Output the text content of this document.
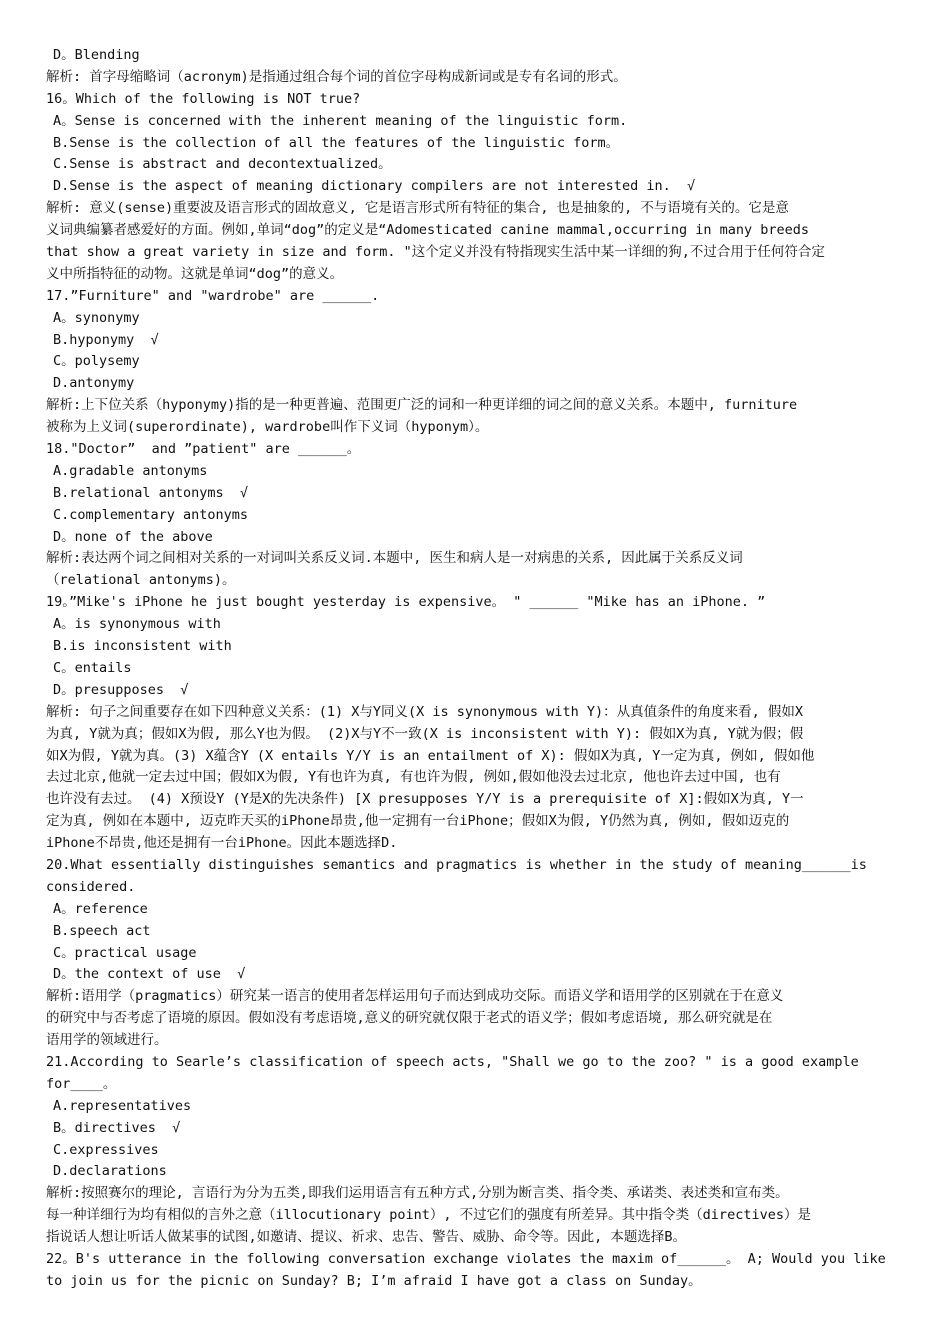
D。Blending
解析: 首字母缩略词（acronym)是指通过组合每个词的首位字母构成新词或是专有名词的形式。
16。Which of the following is NOT true?
A。Sense is concerned with the inherent meaning of the linguistic form.
B.Sense is the collection of all the features of the linguistic form。
C.Sense is abstract and decontextualized。
D.Sense is the aspect of meaning dictionary compilers are not interested in.  √
解析: 意义(sense)重要波及语言形式的固故意义, 它是语言形式所有特征的集合, 也是抽象的, 不与语境有关的。它是意
义词典编纂者感爱好的方面。例如,单词“dog”的定义是“Adomesticated canine mammal,occurring in many breeds
that show a great variety in size and form. "这个定义并没有特指现实生活中某一详细的狗,不过合用于任何符合定
义中所指特征的动物。这就是单词“dog”的意义。
17.”Furniture" and "wardrobe" are ______.
A。synonymy
B.hyponymy  √
C。polysemy
D.antonymy
解析:上下位关系（hyponymy)指的是一种更普遍、范围更广泛的词和一种更详细的词之间的意义关系。本题中, furniture
被称为上义词(superordinate), wardrobe叫作下义词（hyponym）。
18."Doctor”  and ”patient" are ______。
A.gradable antonyms
B.relational antonyms  √
C.complementary antonyms
D。none of the above
解析:表达两个词之间相对关系的一对词叫关系反义词.本题中, 医生和病人是一对病患的关系, 因此属于关系反义词
（relational antonyms)。
19。”Mike's iPhone he just bought yesterday is expensive。 " ______ "Mike has an iPhone. ”
A。is synonymous with
B.is inconsistent with
C。entails
D。presupposes  √
解析: 句子之间重要存在如下四种意义关系：(1) X与Y同义(X is synonymous with Y)：从真值条件的角度来看, 假如X
为真, Y就为真；假如X为假, 那么Y也为假。 (2)X与Y不一致(X is inconsistent with Y): 假如X为真, Y就为假；假
如X为假, Y就为真。(3) X蕴含Y (X entails Y/Y is an entailment of X): 假如X为真, Y一定为真, 例如, 假如他
去过北京,他就一定去过中国；假如X为假, Y有也许为真, 有也许为假, 例如,假如他没去过北京, 他也许去过中国, 也有
也许没有去过。 (4) X预设Y (Y是X的先决条件) [X presupposes Y/Y is a prerequisite of X]:假如X为真, Y一
定为真, 例如在本题中, 迈克昨天买的iPhone昂贵,他一定拥有一台iPhone；假如X为假, Y仍然为真, 例如, 假如迈克的
iPhone不昂贵,他还是拥有一台iPhone。因此本题选择D.
20.What essentially distinguishes semantics and pragmatics is whether in the study of meaning______is
considered.
A。reference
B.speech act
C。practical usage
D。the context of use  √
解析:语用学（pragmatics）研究某一语言的使用者怎样运用句子而达到成功交际。而语义学和语用学的区别就在于在意义
的研究中与否考虑了语境的原因。假如没有考虑语境,意义的研究就仅限于老式的语义学；假如考虑语境, 那么研究就是在
语用学的领域进行。
21.According to Searle’s classification of speech acts, "Shall we go to the zoo? " is a good example
for____。
A.representatives
B。directives  √
C.expressives
D.declarations
解析:按照赛尔的理论, 言语行为分为五类,即我们运用语言有五种方式,分别为断言类、指令类、承诺类、表述类和宣布类。
每一种详细行为均有相似的言外之意（illocutionary point）, 不过它们的强度有所差异。其中指令类（directives）是
指说话人想让听话人做某事的试图,如邀请、提议、祈求、忠告、警告、威胁、命令等。因此, 本题选择B。
22。B's utterance in the following conversation exchange violates the maxim of______。 A; Would you like
to join us for the picnic on Sunday? B; I’m afraid I have got a class on Sunday。
